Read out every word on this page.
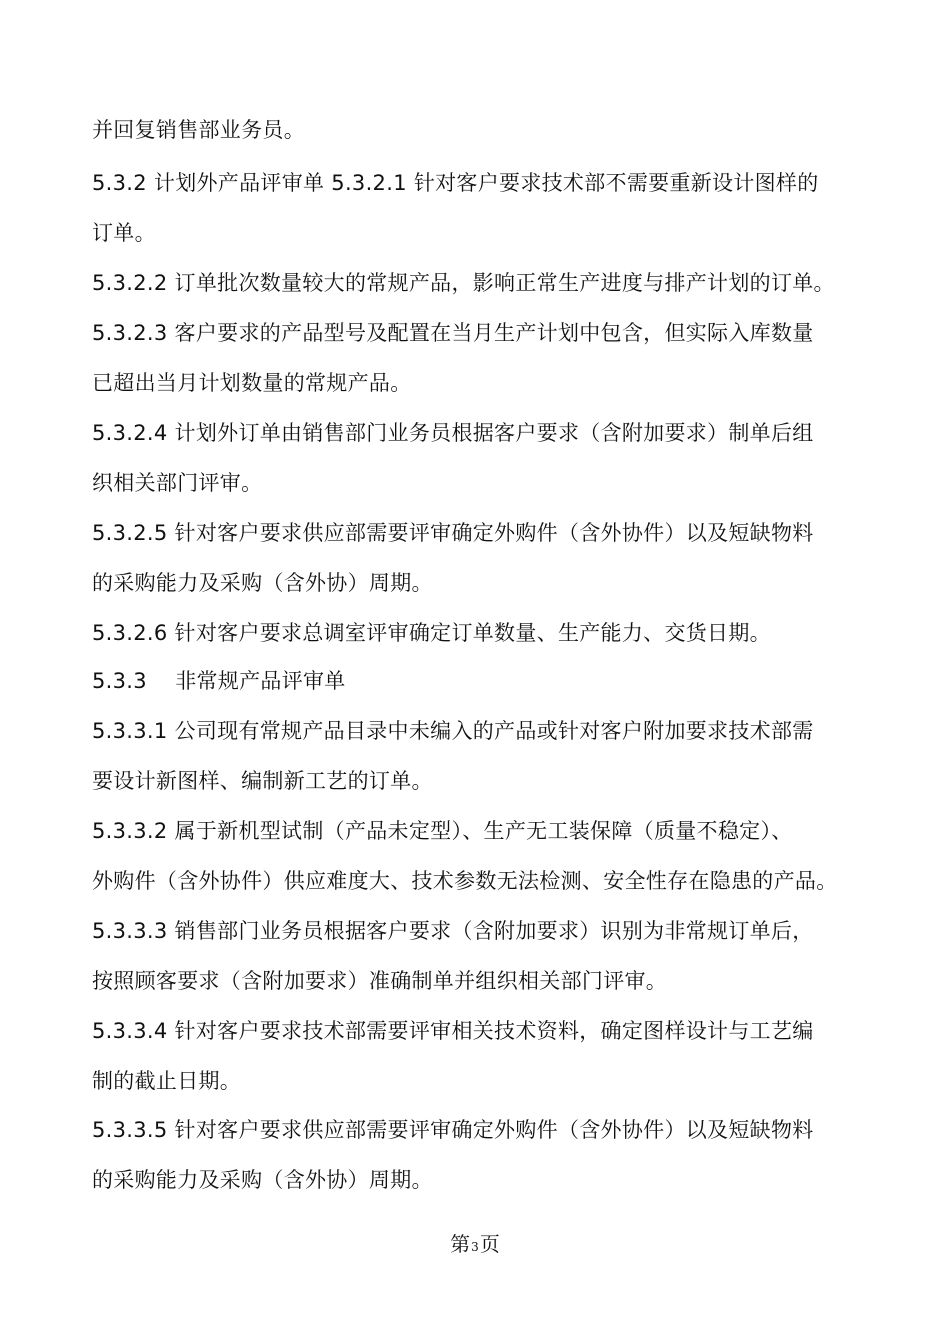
并回复销售部业务员。
5.3.2 计划外产品评审单 5.3.2.1 针对客户要求技术部不需要重新设计图样的
订单。
5.3.2.2 订单批次数量较大的常规产品，影响正常生产进度与排产计划的订单。
5.3.2.3 客户要求的产品型号及配置在当月生产计划中包含，但实际入库数量
已超出当月计划数量的常规产品。
5.3.2.4 计划外订单由销售部门业务员根据客户要求（含附加要求）制单后组
织相关部门评审。
5.3.2.5 针对客户要求供应部需要评审确定外购件（含外协件）以及短缺物料
的采购能力及采购（含外协）周期。
5.3.2.6 针对客户要求总调室评审确定订单数量、生产能力、交货日期。
5.3.3　 非常规产品评审单
5.3.3.1 公司现有常规产品目录中未编入的产品或针对客户附加要求技术部需
要设计新图样、编制新工艺的订单。
5.3.3.2 属于新机型试制（产品未定型）、生产无工装保障（质量不稳定）、
外购件（含外协件）供应难度大、技术参数无法检测、安全性存在隐患的产品。
5.3.3.3 销售部门业务员根据客户要求（含附加要求）识别为非常规订单后，
按照顾客要求（含附加要求）准确制单并组织相关部门评审。
5.3.3.4 针对客户要求技术部需要评审相关技术资料，确定图样设计与工艺编
制的截止日期。
5.3.3.5 针对客户要求供应部需要评审确定外购件（含外协件）以及短缺物料
的采购能力及采购（含外协）周期。
第3页
